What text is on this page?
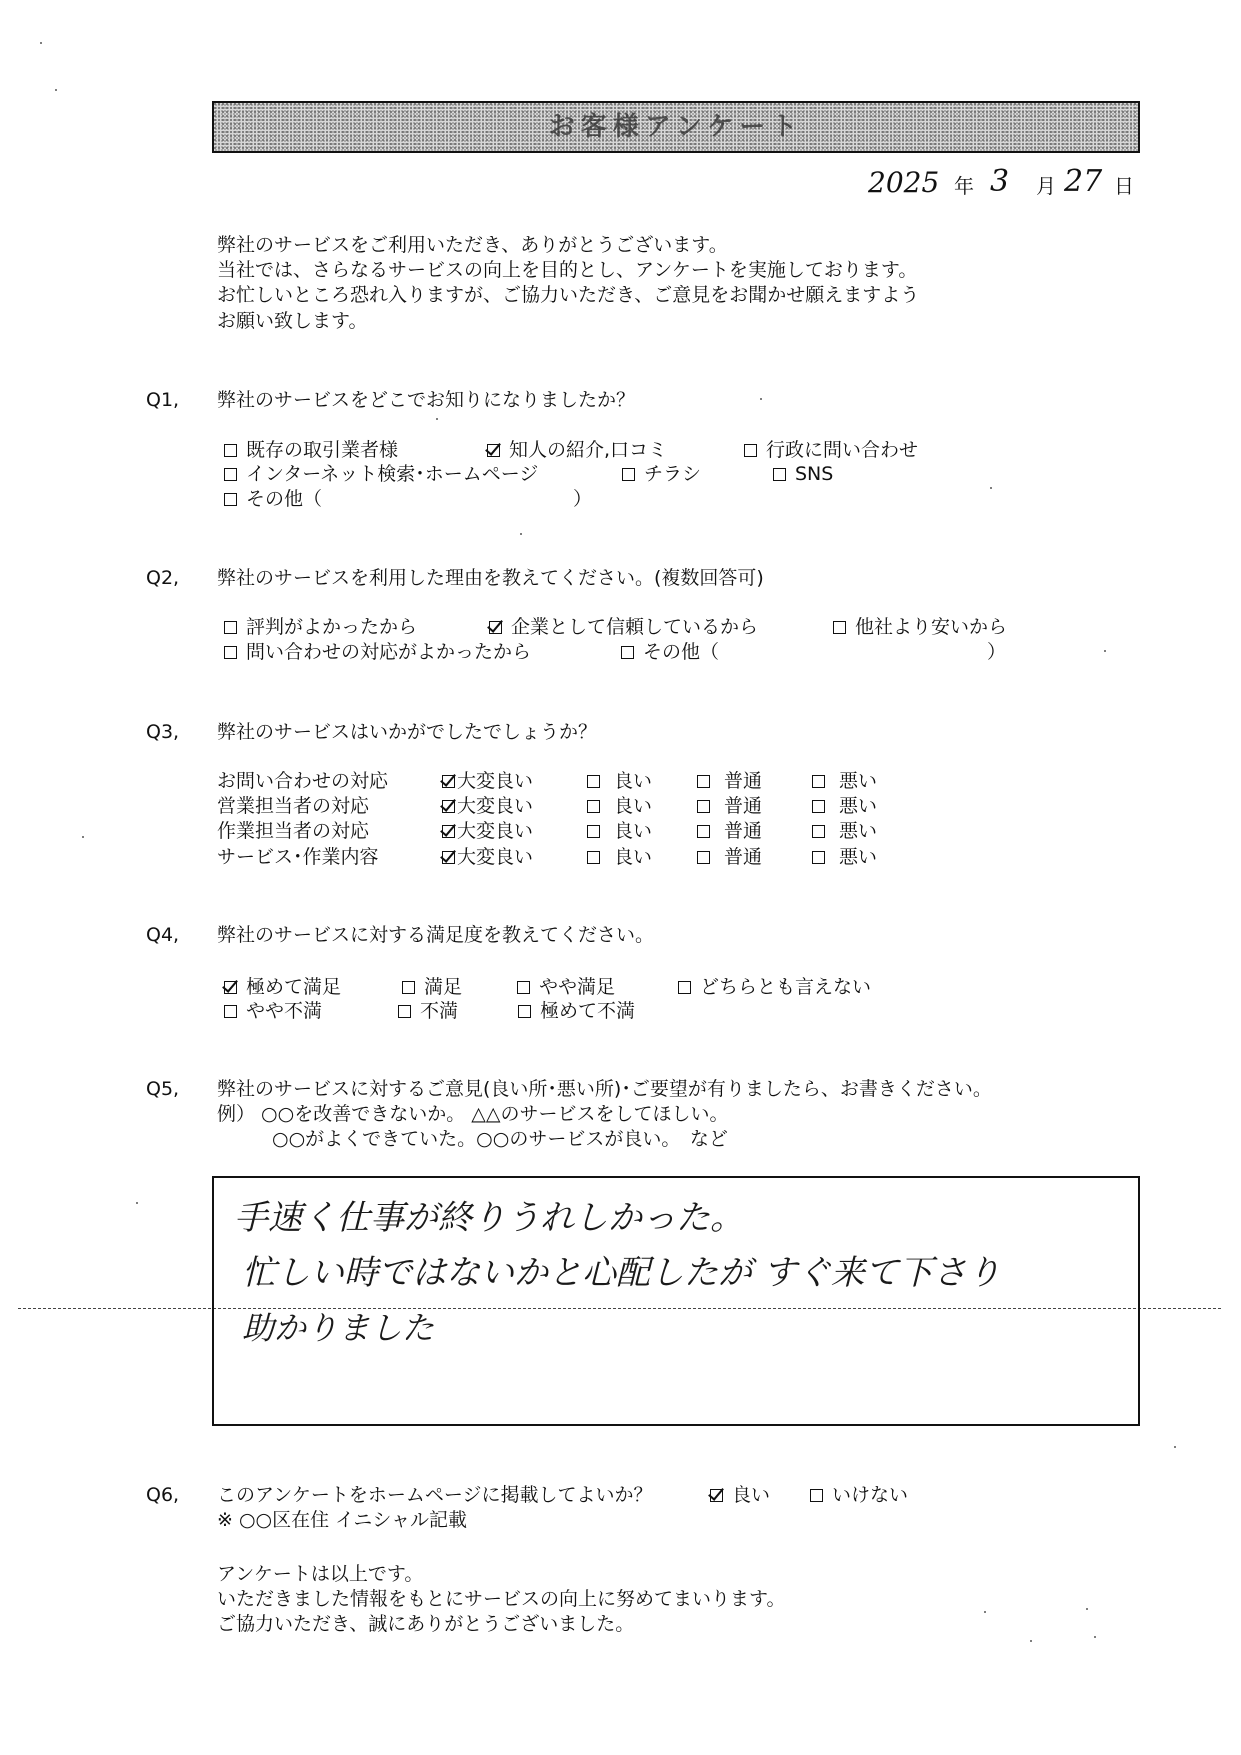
お客様アンケート
2025 年 3 月 27 日
弊社のサービスをご利用いただき、ありがとうございます。
当社では、さらなるサービスの向上を目的とし、アンケートを実施しております。
お忙しいところ恐れ入りますが、ご協力いただき、ご意見をお聞かせ願えますよう
お願い致します。
Q1, 弊社のサービスをどこでお知りになりましたか？
既存の取引業者様	知人の紹介,口コミ	行政に問い合わせ
インターネット検索･ホームページ	チラシ	SNS
その他（	）
Q2, 弊社のサービスを利用した理由を教えてください。(複数回答可)
評判がよかったから	企業として信頼しているから	他社より安いから
問い合わせの対応がよかったから	その他（	）
Q3, 弊社のサービスはいかがでしたでしょうか？
お問い合わせの対応	大変良い	良い	普通	悪い
営業担当者の対応	大変良い	良い	普通	悪い
作業担当者の対応	大変良い	良い	普通	悪い
サービス･作業内容	大変良い	良い	普通	悪い
Q4, 弊社のサービスに対する満足度を教えてください。
極めて満足	満足	やや満足	どちらとも言えない
やや不満	不満	極めて不満
Q5, 弊社のサービスに対するご意見(良い所･悪い所)･ご要望が有りましたら、お書きください。
例） ○○を改善できないか。 △△のサービスをしてほしい。
○○がよくできていた。○○のサービスが良い。　など
手速く仕事が終りうれしかった。
忙しい時ではないかと心配したが すぐ来て下さり
助かりました
Q6, このアンケートをホームページに掲載してよいか？	良い	いけない
※ ○○区在住 イニシャル記載
アンケートは以上です。
いただきました情報をもとにサービスの向上に努めてまいります。
ご協力いただき、誠にありがとうございました。
